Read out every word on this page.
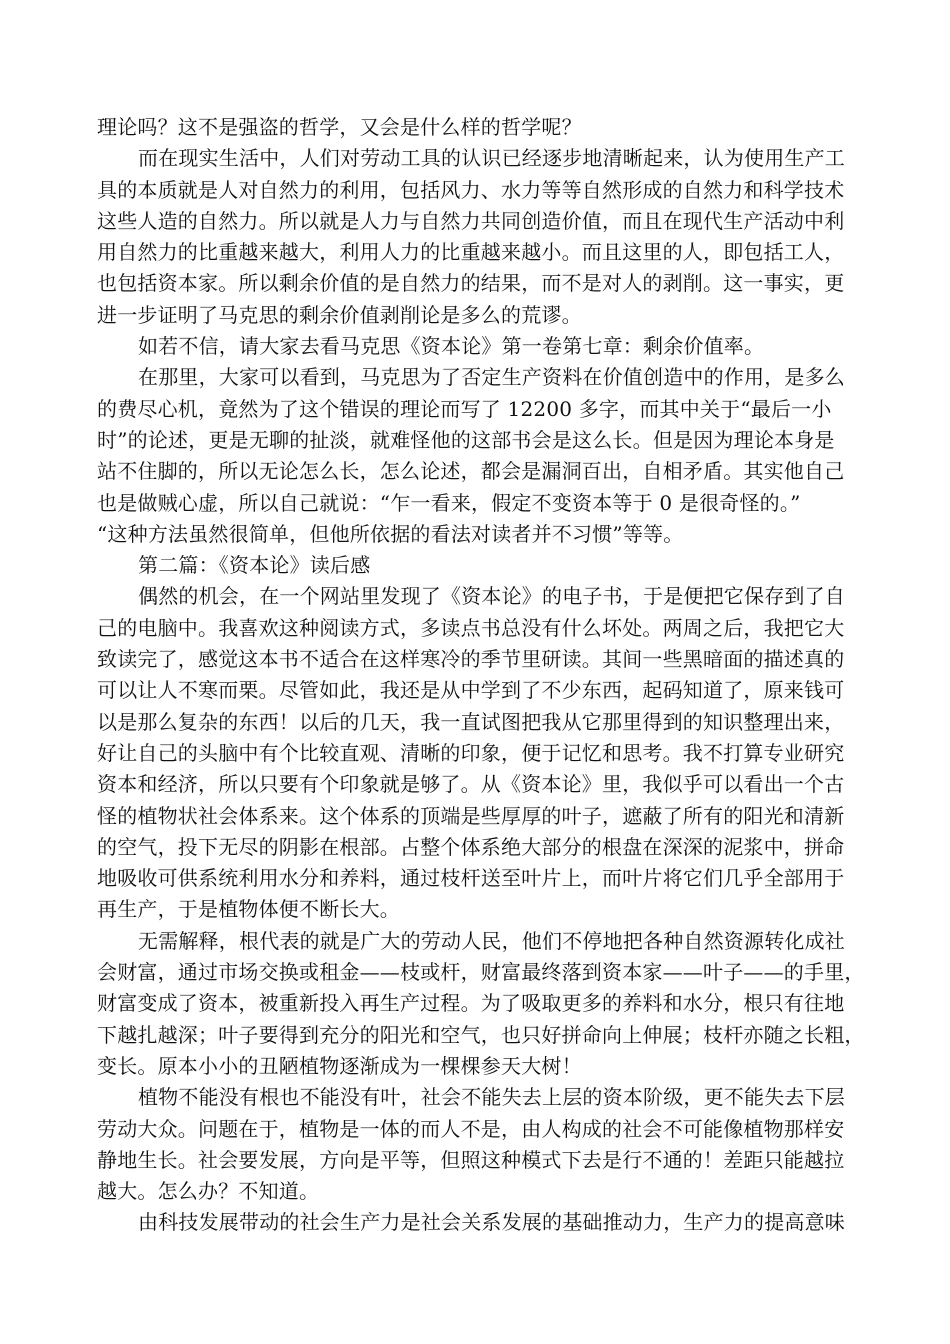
理论吗？这不是强盗的哲学，又会是什么样的哲学呢？
而在现实生活中，人们对劳动工具的认识已经逐步地清晰起来，认为使用生产工
具的本质就是人对自然力的利用，包括风力、水力等等自然形成的自然力和科学技术
这些人造的自然力。所以就是人力与自然力共同创造价值，而且在现代生产活动中利
用自然力的比重越来越大，利用人力的比重越来越小。而且这里的人，即包括工人，
也包括资本家。所以剩余价值的是自然力的结果，而不是对人的剥削。这一事实，更
进一步证明了马克思的剩余价值剥削论是多么的荒谬。
如若不信，请大家去看马克思《资本论》第一卷第七章：剩余价值率。
在那里，大家可以看到，马克思为了否定生产资料在价值创造中的作用，是多么
的费尽心机，竟然为了这个错误的理论而写了 12200 多字，而其中关于“最后一小
时”的论述，更是无聊的扯淡，就难怪他的这部书会是这么长。但是因为理论本身是
站不住脚的，所以无论怎么长，怎么论述，都会是漏洞百出，自相矛盾。其实他自己
也是做贼心虚，所以自己就说：“乍一看来，假定不变资本等于 0 是很奇怪的。”
“这种方法虽然很简单，但他所依据的看法对读者并不习惯”等等。
第二篇：《资本论》读后感
偶然的机会，在一个网站里发现了《资本论》的电子书，于是便把它保存到了自
己的电脑中。我喜欢这种阅读方式，多读点书总没有什么坏处。两周之后，我把它大
致读完了，感觉这本书不适合在这样寒冷的季节里研读。其间一些黑暗面的描述真的
可以让人不寒而栗。尽管如此，我还是从中学到了不少东西，起码知道了，原来钱可
以是那么复杂的东西！以后的几天，我一直试图把我从它那里得到的知识整理出来，
好让自己的头脑中有个比较直观、清晰的印象，便于记忆和思考。我不打算专业研究
资本和经济，所以只要有个印象就是够了。从《资本论》里，我似乎可以看出一个古
怪的植物状社会体系来。这个体系的顶端是些厚厚的叶子，遮蔽了所有的阳光和清新
的空气，投下无尽的阴影在根部。占整个体系绝大部分的根盘在深深的泥浆中，拼命
地吸收可供系统利用水分和养料，通过枝杆送至叶片上，而叶片将它们几乎全部用于
再生产，于是植物体便不断长大。
无需解释，根代表的就是广大的劳动人民，他们不停地把各种自然资源转化成社
会财富，通过市场交换或租金——枝或杆，财富最终落到资本家——叶子——的手里，
财富变成了资本，被重新投入再生产过程。为了吸取更多的养料和水分，根只有往地
下越扎越深；叶子要得到充分的阳光和空气，也只好拼命向上伸展；枝杆亦随之长粗，
变长。原本小小的丑陋植物逐渐成为一棵棵参天大树！
植物不能没有根也不能没有叶，社会不能失去上层的资本阶级，更不能失去下层
劳动大众。问题在于，植物是一体的而人不是，由人构成的社会不可能像植物那样安
静地生长。社会要发展，方向是平等，但照这种模式下去是行不通的！差距只能越拉
越大。怎么办？不知道。
由科技发展带动的社会生产力是社会关系发展的基础推动力，生产力的提高意味
